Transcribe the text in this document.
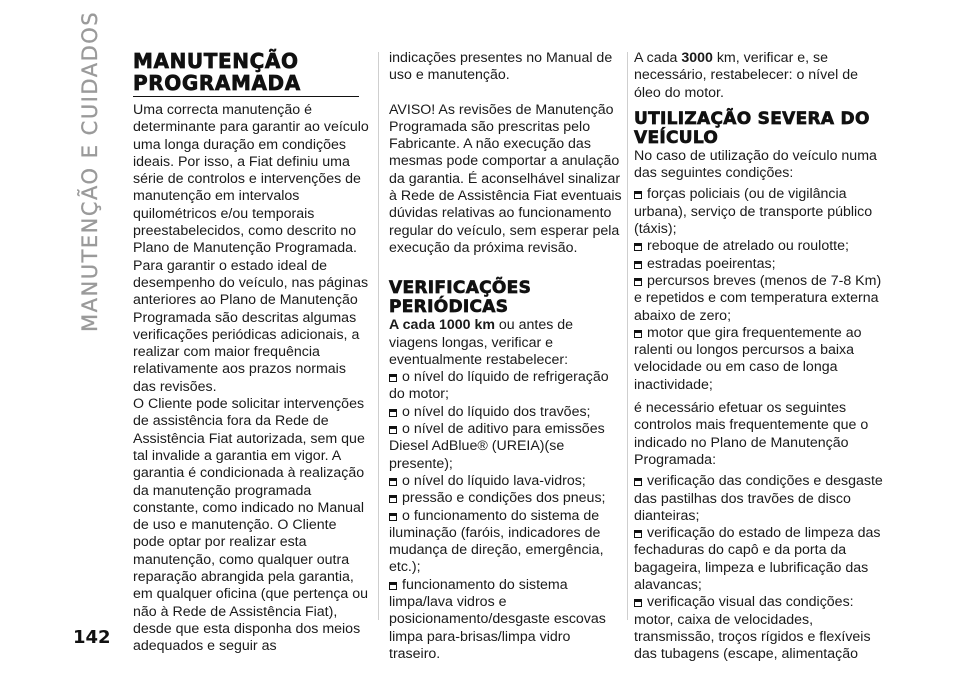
MANUTENÇÃO E CUIDADOS
142
MANUTENÇÃO PROGRAMADA

Uma correcta manutenção é determinante para garantir ao veículo uma longa duração em condições ideais. Por isso, a Fiat definiu uma série de controlos e intervenções de manutenção em intervalos quilométricos e/ou temporais preestabelecidos, como descrito no Plano de Manutenção Programada.

Para garantir o estado ideal de desempenho do veículo, nas páginas anteriores ao Plano de Manutenção Programada são descritas algumas verificações periódicas adicionais, a realizar com maior frequência relativamente aos prazos normais das revisões.

O Cliente pode solicitar intervenções de assistência fora da Rede de Assistência Fiat autorizada, sem que tal invalide a garantia em vigor. A garantia é condicionada à realização da manutenção programada constante, como indicado no Manual de uso e manutenção. O Cliente pode optar por realizar esta manutenção, como qualquer outra reparação abrangida pela garantia, em qualquer oficina (que pertença ou não à Rede de Assistência Fiat), desde que esta disponha dos meios adequados e seguir as

indicações presentes no Manual de uso e manutenção.

AVISO! As revisões de Manutenção Programada são prescritas pelo Fabricante. A não execução das mesmas pode comportar a anulação da garantia. É aconselhável sinalizar à Rede de Assistência Fiat eventuais dúvidas relativas ao funcionamento regular do veículo, sem esperar pela execução da próxima revisão.

VERIFICAÇÕES PERIÓDICAS

A cada 1000 km ou antes de viagens longas, verificar e eventualmente restabelecer:

o nível do líquido de refrigeração do motor;

o nível do líquido dos travões;

o nível de aditivo para emissões Diesel AdBlue® (UREIA)(se presente);

o nível do líquido lava-vidros;

pressão e condições dos pneus;

o funcionamento do sistema de iluminação (faróis, indicadores de mudança de direção, emergência, etc.);

funcionamento do sistema limpa/lava vidros e posicionamento/desgaste escovas limpa para-brisas/limpa vidro traseiro.

A cada 3000 km, verificar e, se necessário, restabelecer: o nível de óleo do motor.

UTILIZAÇÃO SEVERA DO VEÍCULO

No caso de utilização do veículo numa das seguintes condições:

forças policiais (ou de vigilância urbana), serviço de transporte público (táxis);

reboque de atrelado ou roulotte;

estradas poeirentas;

percursos breves (menos de 7-8 Km) e repetidos e com temperatura externa abaixo de zero;

motor que gira frequentemente ao ralenti ou longos percursos a baixa velocidade ou em caso de longa inactividade;

é necessário efetuar os seguintes controlos mais frequentemente que o indicado no Plano de Manutenção Programada:

verificação das condições e desgaste das pastilhas dos travões de disco dianteiras;

verificação do estado de limpeza das fechaduras do capô e da porta da bagageira, limpeza e lubrificação das alavancas;

verificação visual das condições: motor, caixa de velocidades, transmissão, troços rígidos e flexíveis das tubagens (escape, alimentação
